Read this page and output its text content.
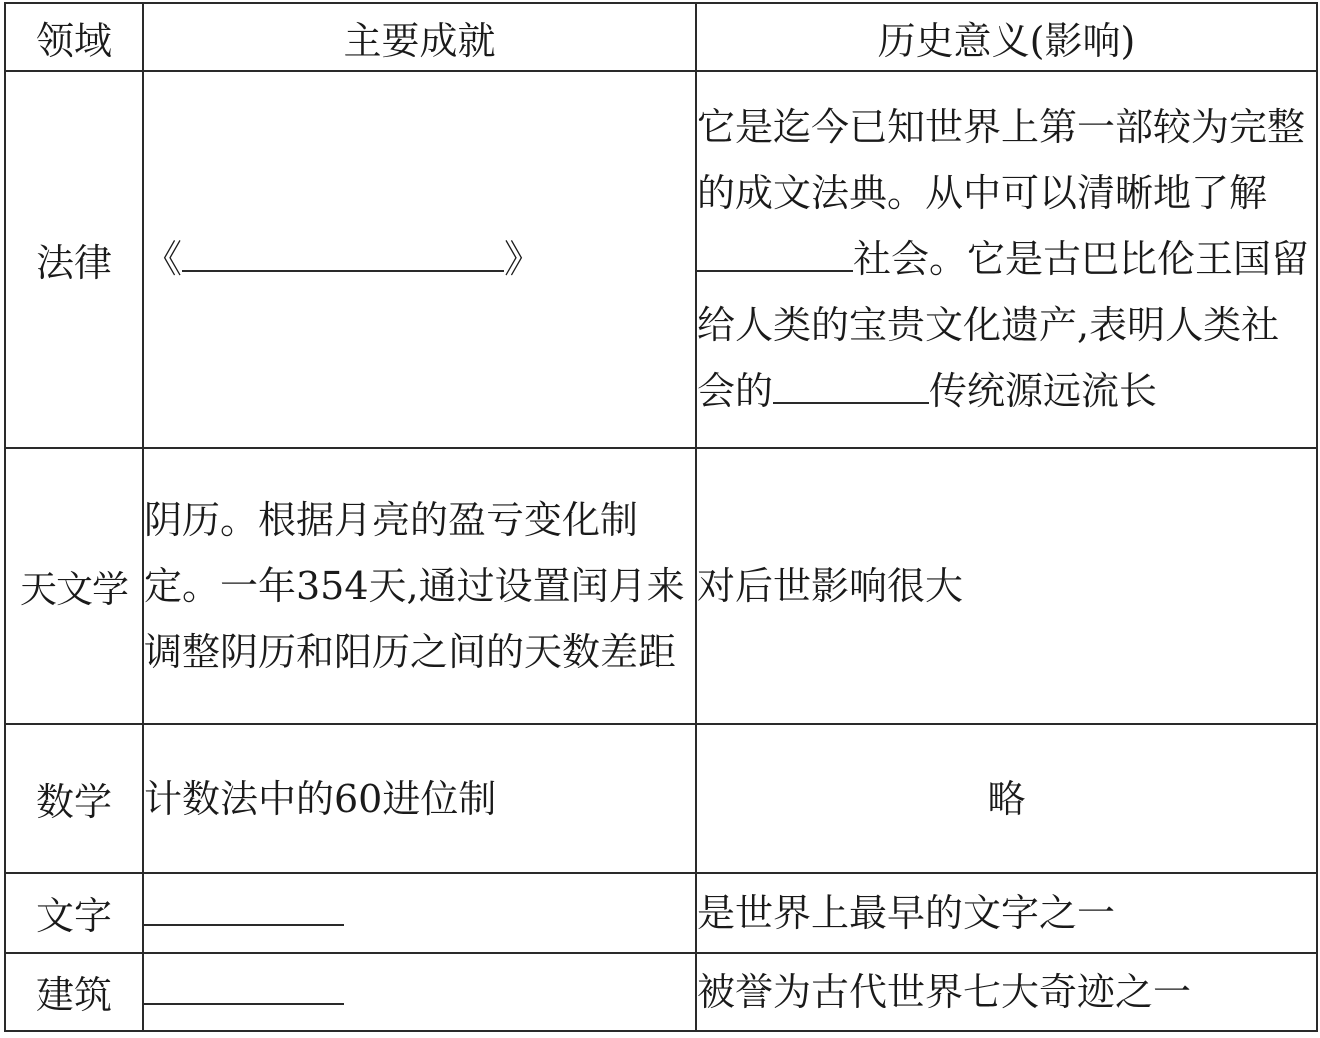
领域	主要成就	历史意义(影响)
法律	《 》	它是迄今已知世界上第一部较为完整的成文法典。从中可以清晰地了解社会。它是古巴比伦王国留给人类的宝贵文化遗产,表明人类社会的 传统源远流长
天文学	阴历。根据月亮的盈亏变化制定。一年354天,通过设置闰月来调整阴历和阳历之间的天数差距	对后世影响很大
数学	计数法中的60进位制	略
文字		是世界上最早的文字之一
建筑		被誉为古代世界七大奇迹之一
